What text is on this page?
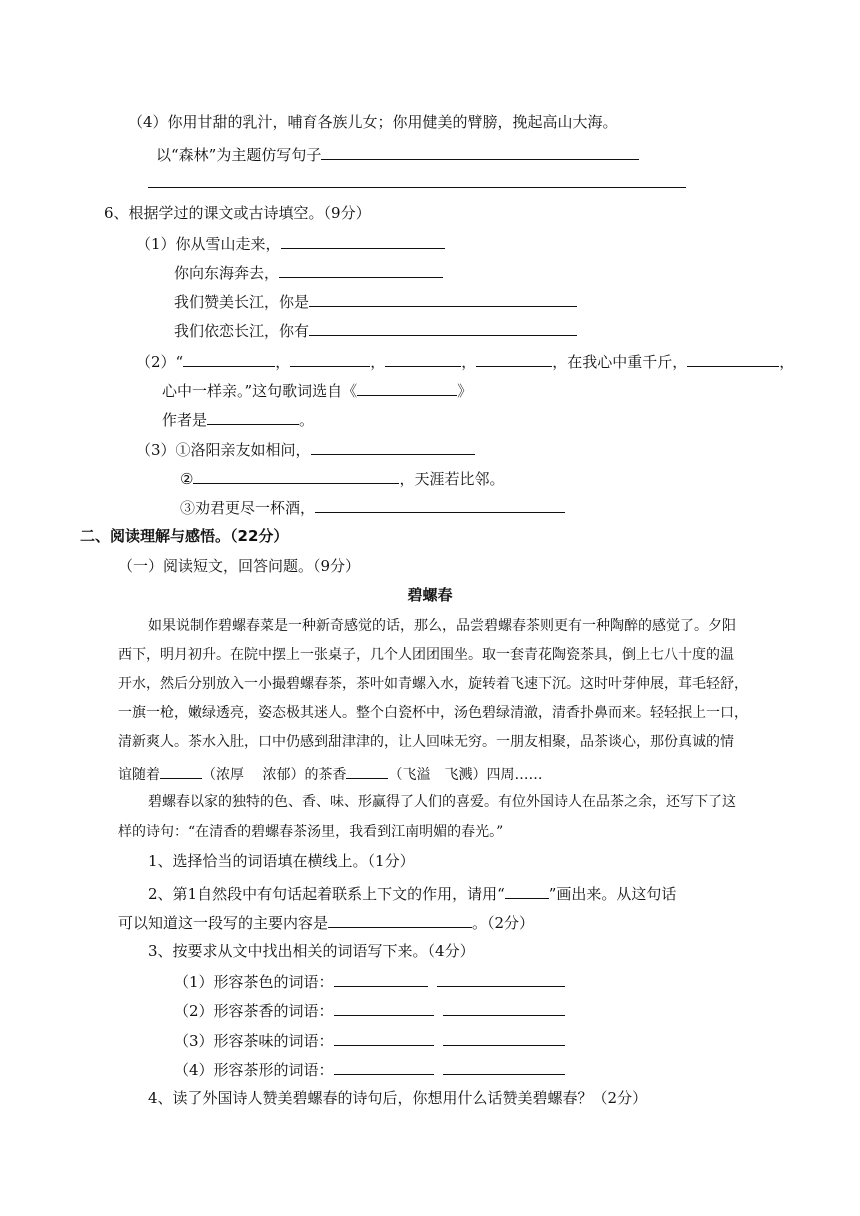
（4）你用甘甜的乳汁，哺育各族儿女；你用健美的臂膀，挽起高山大海。
以“森林”为主题仿写句子
6、根据学过的课文或古诗填空。（9分）
（1）你从雪山走来，
你向东海奔去，
我们赞美长江，你是
我们依恋长江，你有
（2）“	，	，	，	，在我心中重千斤，	，
心中一样亲。”这句歌词选自《	》
作者是	。
（3）①洛阳亲友如相问，
②	，天涯若比邻。
③劝君更尽一杯酒，
二、阅读理解与感悟。（22分）
（一）阅读短文，回答问题。（9分）
碧螺春
如果说制作碧螺春菜是一种新奇感觉的话，那么，品尝碧螺春茶则更有一种陶醉的感觉了。夕阳
西下，明月初升。在院中摆上一张桌子，几个人团团围坐。取一套青花陶瓷茶具，倒上七八十度的温
开水，然后分别放入一小撮碧螺春茶，茶叶如青螺入水，旋转着飞速下沉。这时叶芽伸展，茸毛轻舒，
一旗一枪，嫩绿透亮，姿态极其迷人。整个白瓷杯中，汤色碧绿清澈，清香扑鼻而来。轻轻抿上一口，
清新爽人。茶水入肚，口中仍感到甜津津的，让人回味无穷。一朋友相聚，品茶谈心，那份真诚的情
谊随着	（浓厚　 浓郁）的茶香	（飞溢　飞溅）四周……
碧螺春以家的独特的色、香、味、形赢得了人们的喜爱。有位外国诗人在品茶之余，还写下了这
样的诗句：“在清香的碧螺春茶汤里，我看到江南明媚的春光。”
1、选择恰当的词语填在横线上。（1分）
2、第1自然段中有句话起着联系上下文的作用，请用“	”画出来。从这句话
可以知道这一段写的主要内容是	。（2分）
3、按要求从文中找出相关的词语写下来。（4分）
（1）形容茶色的词语：
（2）形容茶香的词语：
（3）形容茶味的词语：
（4）形容茶形的词语：
4、读了外国诗人赞美碧螺春的诗句后，你想用什么话赞美碧螺春？（2分）
